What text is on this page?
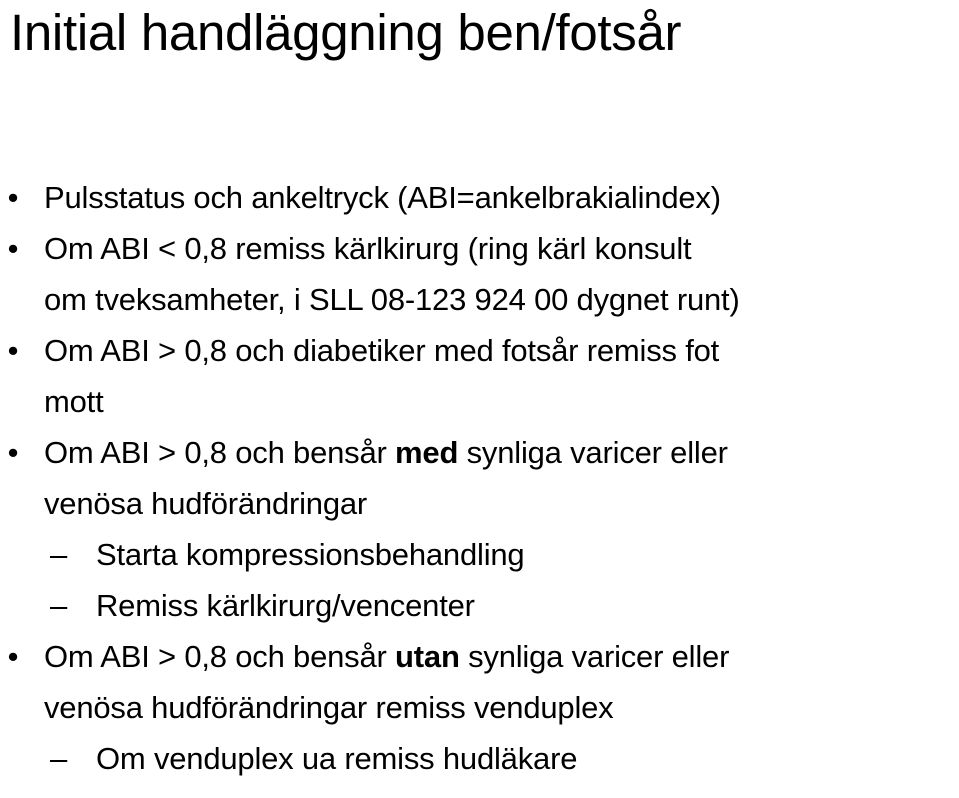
Initial handläggning ben/fotsår
• Pulsstatus och ankeltryck (ABI=ankelbrakialindex)
• Om ABI < 0,8 remiss kärlkirurg (ring kärl konsult
om tveksamheter, i SLL 08-123 924 00 dygnet runt)
• Om ABI > 0,8 och diabetiker med fotsår remiss fot
mott
• Om ABI > 0,8 och bensår med synliga varicer eller
venösa hudförändringar
– Starta kompressionsbehandling
– Remiss kärlkirurg/vencenter
• Om ABI > 0,8 och bensår utan synliga varicer eller
venösa hudförändringar remiss venduplex
– Om venduplex ua remiss hudläkare
